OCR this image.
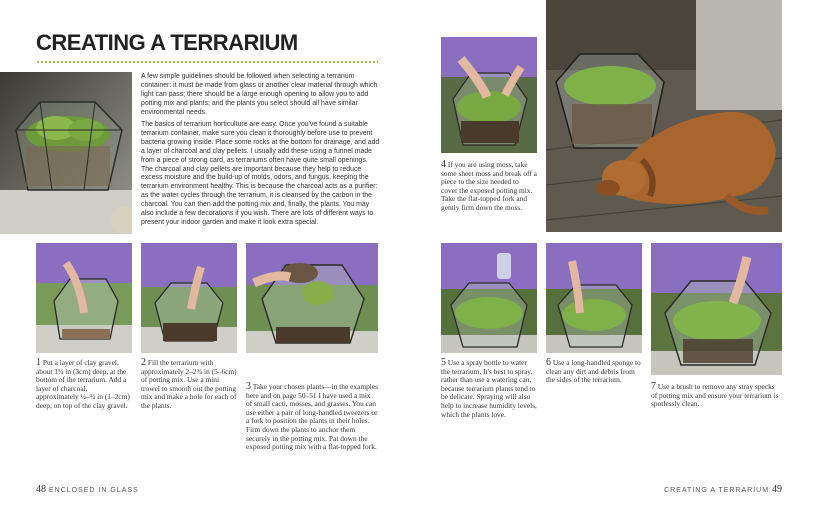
CREATING A TERRARIUM

A few simple guidelines should be followed when selecting a terrarium container: it must be made from glass or another clear material through which light can pass; there should be a large enough opening to allow you to add potting mix and plants; and the plants you select should all have similar environmental needs.

The basics of terrarium horticulture are easy. Once you've found a suitable terrarium container, make sure you clean it thoroughly before use to prevent bacteria growing inside. Place some rocks at the bottom for drainage, and add a layer of charcoal and clay pellets. I usually add these using a funnel made from a piece of strong card, as terrariums often have quite small openings. The charcoal and clay pellets are important because they help to reduce excess moisture and the build-up of molds, odors, and fungus, keeping the terrarium environment healthy. This is because the charcoal acts as a purifier: as the water cycles through the terrarium, it is cleansed by the carbon in the charcoal. You can then add the potting mix and, finally, the plants. You may also include a few decorations if you wish. There are lots of different ways to present your indoor garden and make it look extra special.

1 Put a layer of clay gravel, about 1¼ in (3cm) deep, at the bottom of the terrarium. Add a layer of charcoal, approximately ½–¾ in (1–2cm) deep, on top of the clay gravel.

2 Fill the terrarium with approximately 2–2¾ in (5–6cm) of potting mix. Use a mini trowel to smooth out the potting mix and make a hole for each of the plants.

3 Take your chosen plants—in the examples here and on page 50–51 I have used a mix of small cacti, mosses, and grasses. You can use either a pair of long-handled tweezers or a fork to position the plants in their holes. Firm down the plants to anchor them securely in the potting mix. Pat down the exposed potting mix with a flat-topped fork.

48 ENCLOSED IN GLASS

4 If you are using moss, take some sheet moss and break off a piece to the size needed to cover the exposed potting mix. Take the flat-topped fork and gently firm down the moss.

5 Use a spray bottle to water the terrarium. It's best to spray, rather than use a watering can, because terrarium plants tend to be delicate. Spraying will also help to increase humidity levels, which the plants love.

6 Use a long-handled sponge to clean any dirt and debris from the sides of the terrarium.

7 Use a brush to remove any stray specks of potting mix and ensure your terrarium is spotlessly clean.

CREATING A TERRARIUM 49
